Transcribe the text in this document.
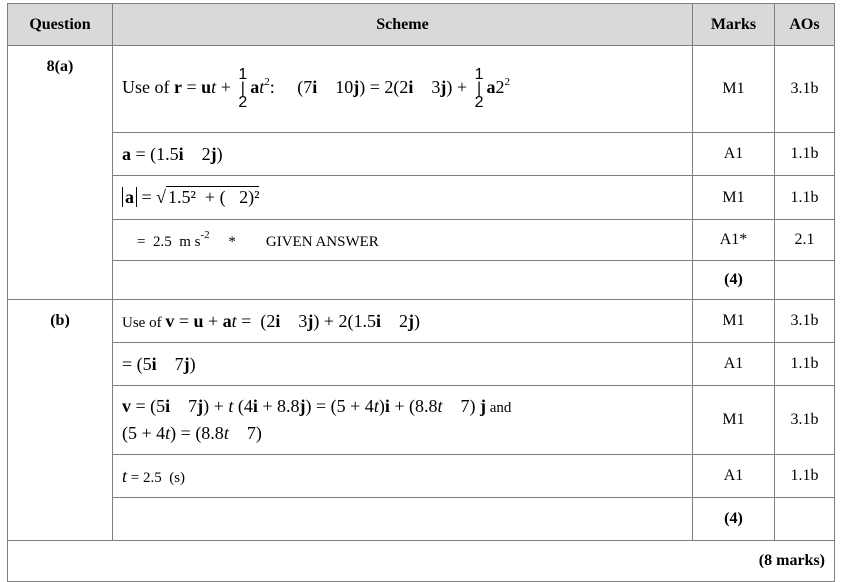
Question	Scheme	Marks	AOs
8(a)	Use of r = ut + $1|2at^2$:     (7i    10j) = 2(2i    $3j) + 1|2a2^2$	M1	3.1b

	a = (1.5i    2j)	A1	1.1b

	a = √ 1.5²  + (   2)²	M1	1.1b

	=  2.5  m $s^{-2}$     *        GIVEN ANSWER	A1*	2.1
		(4)	
(b)	Use of v = u + at =  (2i    3j) + 2(1.5i    2j)	M1	3.1b

	= (5i    7j)	A1	1.1b

	v = (5i    7j) + t (4i + 8.8j) = (5 + 4t)i + (8.8t    7) j and
(5 + 4t) = (8.8t    7)	M1	3.1b

	t = 2.5  (s)	A1	1.1b
		(4)	
(8 marks)			
